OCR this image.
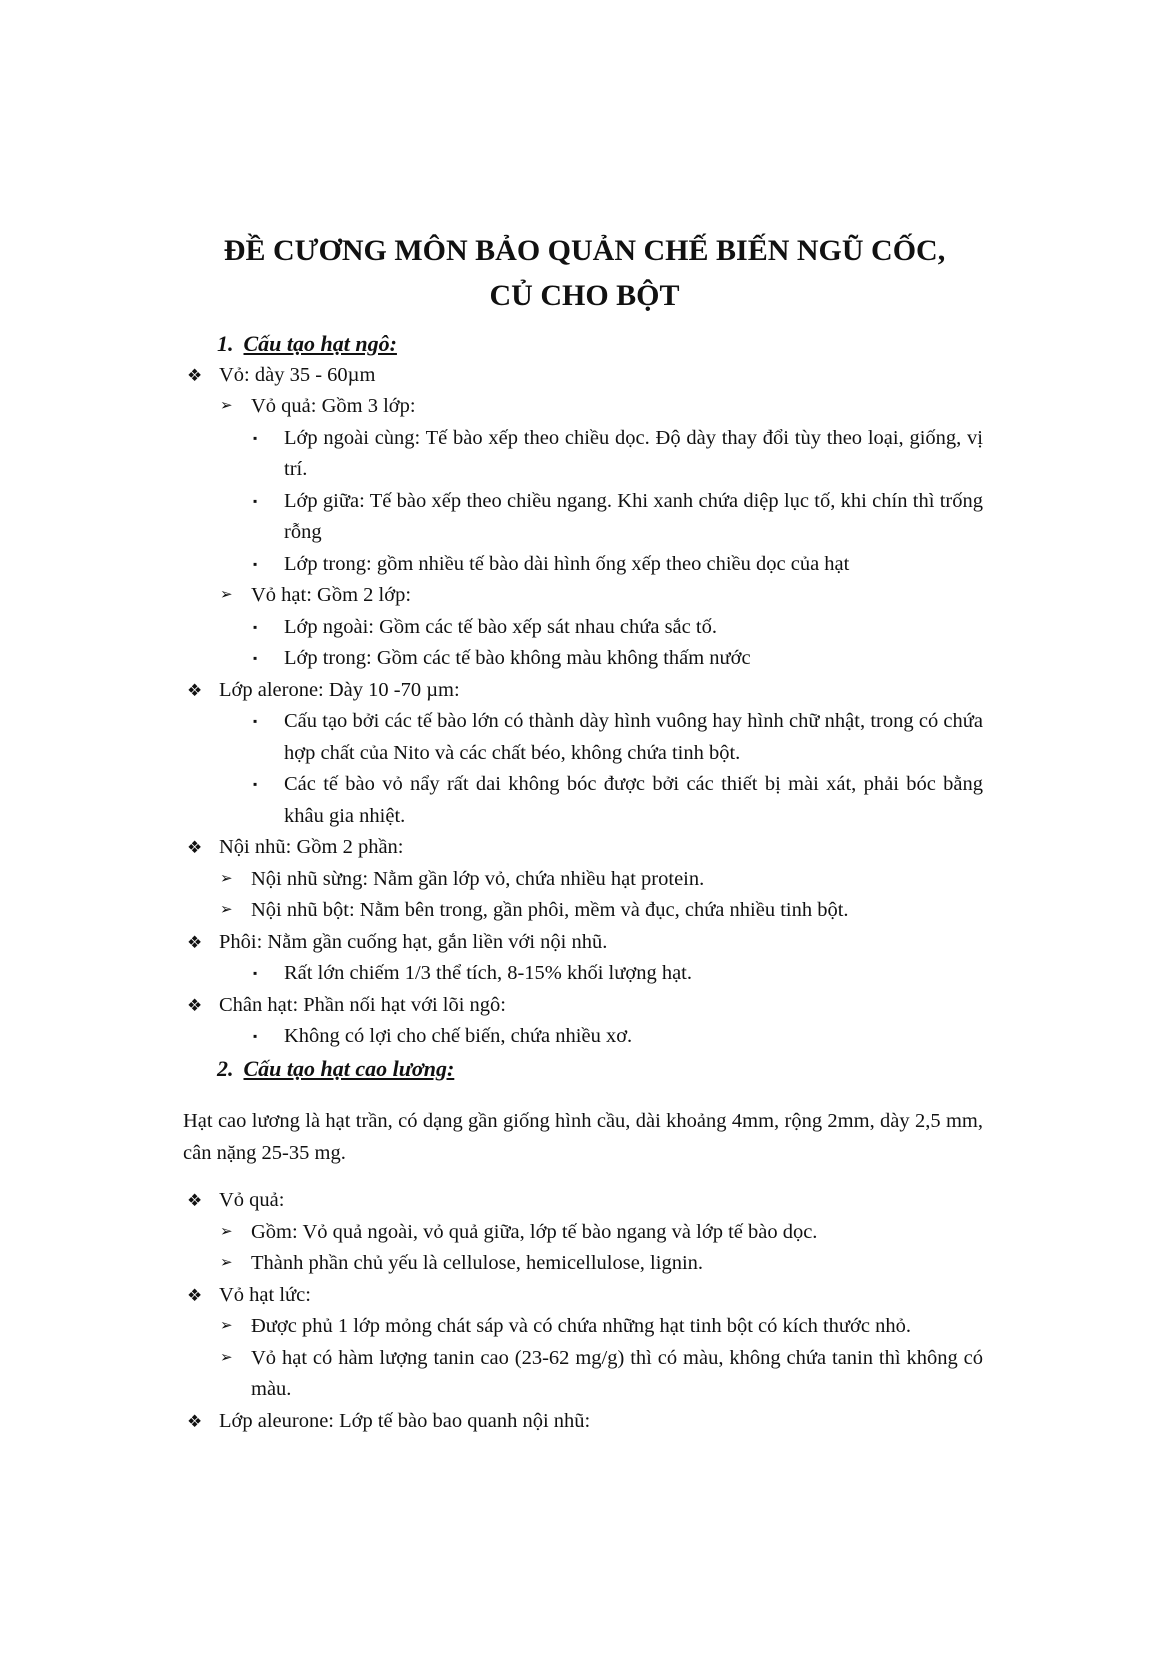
ĐỀ CƯƠNG MÔN BẢO QUẢN CHẾ BIẾN NGŨ CỐC,
CỦ CHO BỘT

1. Cấu tạo hạt ngô:

❖ Vỏ: dày 35 - 60µm

➢ Vỏ quả: Gồm 3 lớp:

▪ Lớp ngoài cùng: Tế bào xếp theo chiều dọc. Độ dày thay đổi tùy theo loại, giống, vị trí.

▪ Lớp giữa: Tế bào xếp theo chiều ngang. Khi xanh chứa diệp lục tố, khi chín thì trống rỗng

▪ Lớp trong: gồm nhiều tế bào dài hình ống xếp theo chiều dọc của hạt

➢ Vỏ hạt: Gồm 2 lớp:

▪ Lớp ngoài: Gồm các tế bào xếp sát nhau chứa sắc tố.

▪ Lớp trong: Gồm các tế bào không màu không thấm nước

❖ Lớp alerone: Dày 10 -70 µm:

▪ Cấu tạo bởi các tế bào lớn có thành dày hình vuông hay hình chữ nhật, trong có chứa hợp chất của Nito và các chất béo, không chứa tinh bột.

▪ Các tế bào vỏ nẩy rất dai không bóc được bởi các thiết bị mài xát, phải bóc bằng khâu gia nhiệt.

❖ Nội nhũ: Gồm 2 phần:

➢ Nội nhũ sừng: Nằm gần lớp vỏ, chứa nhiều hạt protein.

➢ Nội nhũ bột: Nằm bên trong, gần phôi, mềm và đục, chứa nhiều tinh bột.

❖ Phôi: Nằm gần cuống hạt, gắn liền với nội nhũ.

▪ Rất lớn chiếm 1/3 thể tích, 8-15% khối lượng hạt.

❖ Chân hạt: Phần nối hạt với lõi ngô:

▪ Không có lợi cho chế biến, chứa nhiều xơ.

2. Cấu tạo hạt cao lương:

Hạt cao lương là hạt trần, có dạng gần giống hình cầu, dài khoảng 4mm, rộng 2mm, dày 2,5 mm, cân nặng 25-35 mg.

❖ Vỏ quả:

➢ Gồm: Vỏ quả ngoài, vỏ quả giữa, lớp tế bào ngang và lớp tế bào dọc.

➢ Thành phần chủ yếu là cellulose, hemicellulose, lignin.

❖ Vỏ hạt lức:

➢ Được phủ 1 lớp mỏng chát sáp và có chứa những hạt tinh bột có kích thước nhỏ.

➢ Vỏ hạt có hàm lượng tanin cao (23-62 mg/g) thì có màu, không chứa tanin thì không có màu.

❖ Lớp aleurone: Lớp tế bào bao quanh nội nhũ:
